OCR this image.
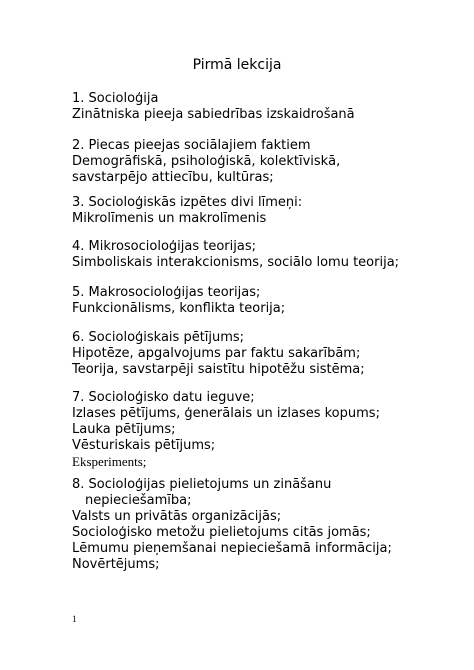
Pirmā lekcija
1. Socioloģija
Zinātniska pieeja sabiedrības izskaidrošanā
2. Piecas pieejas sociālajiem faktiem
Demogrāfiskā, psiholoģiskā, kolektīviskā,
savstarpējo attiecību, kultūras;
3. Socioloģiskās izpētes divi līmeņi:
Mikrolīmenis un makrolīmenis
4. Mikrosocioloģijas teorijas;
Simboliskais interakcionisms, sociālo lomu teorija;
5. Makrosocioloģijas teorijas;
Funkcionālisms, konflikta teorija;
6. Socioloģiskais pētījums;
Hipotēze, apgalvojums par faktu sakarībām;
Teorija, savstarpēji saistītu hipotēžu sistēma;
7. Socioloģisko datu ieguve;
Izlases pētījums, ģenerālais un izlases kopums;
Lauka pētījums;
Vēsturiskais pētījums;
Eksperiments;
8. Socioloģijas pielietojums un zināšanu
nepieciešamība;
Valsts un privātās organizācijās;
Socioloģisko metožu pielietojums citās jomās;
Lēmumu pieņemšanai nepieciešamā informācija;
Novērtējums;
1
